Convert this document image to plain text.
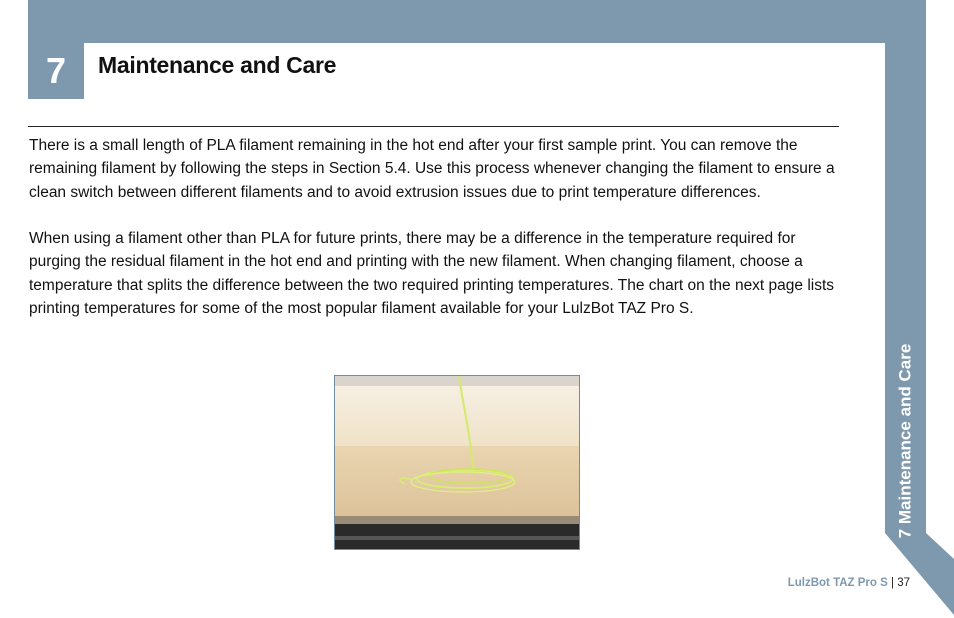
7 Maintenance and Care

There is a small length of PLA filament remaining in the hot end after your first sample print. You can remove the remaining filament by following the steps in Section 5.4. Use this process whenever changing the filament to ensure a clean switch between different filaments and to avoid extrusion issues due to print temperature differences.

When using a filament other than PLA for future prints, there may be a difference in the temperature required for purging the residual filament in the hot end and printing with the new filament. When changing filament, choose a temperature that splits the difference between the two required printing temperatures. The chart on the next page lists printing temperatures for some of the most popular filament available for your LulzBot TAZ Pro S.

7 Maintenance and Care
LulzBot TAZ Pro S | 37
